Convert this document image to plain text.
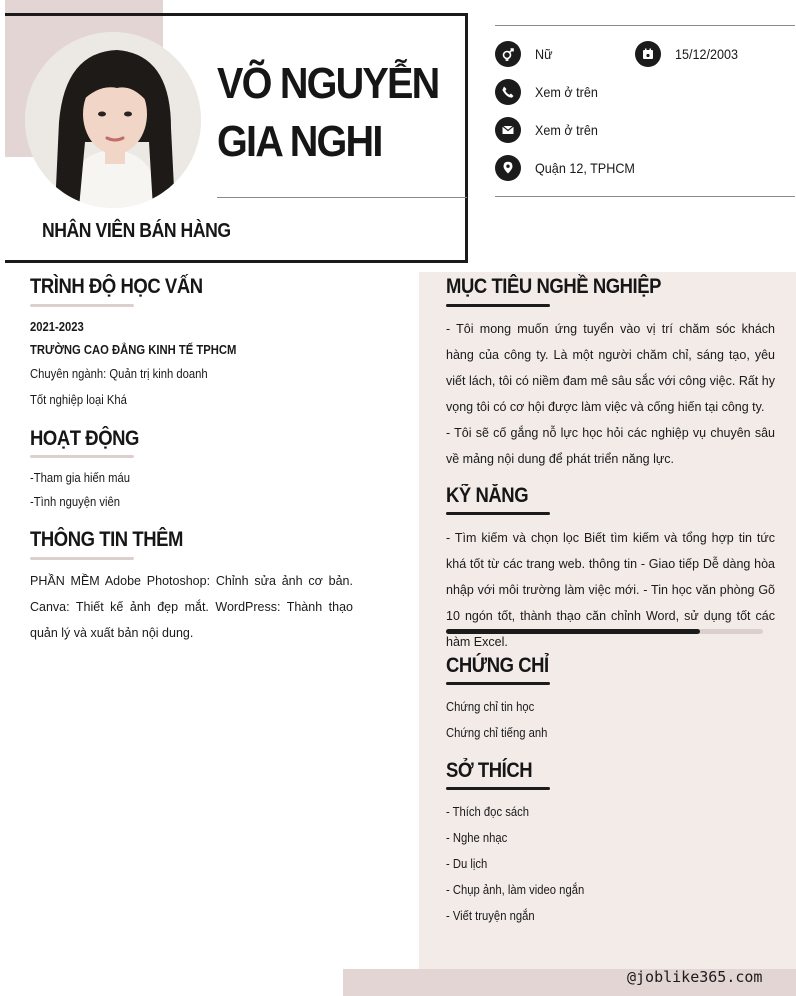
VÕ NGUYỄN
GIA NGHI
NHÂN VIÊN BÁN HÀNG
Nữ	15/12/2003
Xem ở trên
Xem ở trên
Quận 12, TPHCM
TRÌNH ĐỘ HỌC VẤN
2021-2023
TRƯỜNG CAO ĐẲNG KINH TẾ TPHCM
Chuyên ngành: Quản trị kinh doanh
Tốt nghiệp loại Khá
HOẠT ĐỘNG
-Tham gia hiến máu
-Tình nguyện viên
THÔNG TIN THÊM
PHẦN MỀM Adobe Photoshop: Chỉnh sửa ảnh cơ bản. Canva: Thiết kế ảnh đẹp mắt. WordPress: Thành thạo quản lý và xuất bản nội dung.
MỤC TIÊU NGHỀ NGHIỆP
- Tôi mong muốn ứng tuyển vào vị trí chăm sóc khách hàng của công ty. Là một người chăm chỉ, sáng tạo, yêu viết lách, tôi có niềm đam mê sâu sắc với công việc. Rất hy vọng tôi có cơ hội được làm việc và cống hiến tại công ty.
- Tôi sẽ cố gắng nỗ lực học hỏi các nghiệp vụ chuyên sâu về mảng nội dung để phát triển năng lực.
KỸ NĂNG
- Tìm kiếm và chọn lọc Biết tìm kiếm và tổng hợp tin tức khá tốt từ các trang web. thông tin - Giao tiếp Dễ dàng hòa nhập với môi trường làm việc mới. - Tin học văn phòng Gõ 10 ngón tốt, thành thạo căn chỉnh Word, sử dụng tốt các hàm Excel.
CHỨNG CHỈ
Chứng chỉ tin học
Chứng chỉ tiếng anh
SỞ THÍCH
- Thích đọc sách
- Nghe nhạc
- Du lịch
- Chụp ảnh, làm video ngắn
- Viết truyện ngắn
@joblike365.com
